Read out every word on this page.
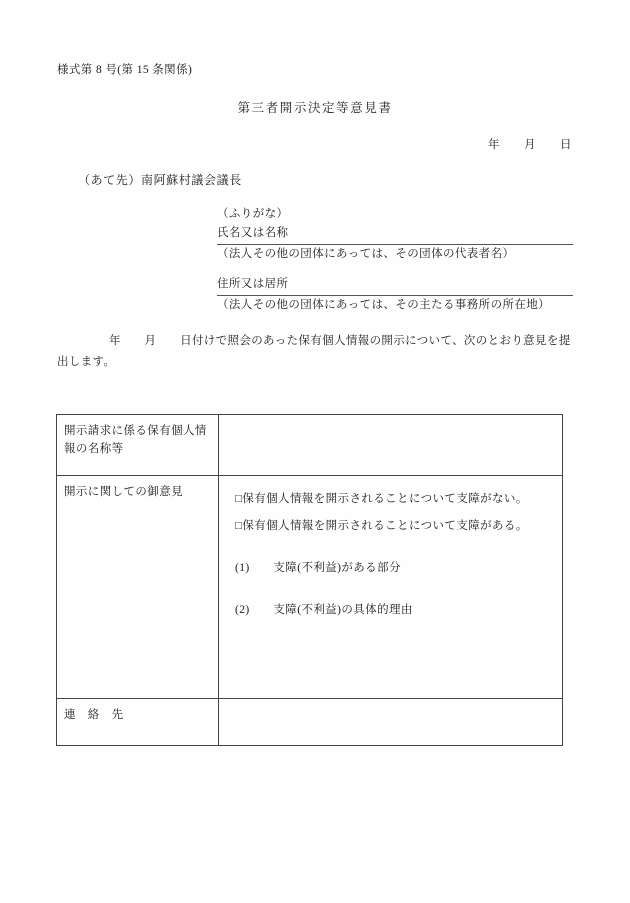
様式第 8 号(第 15 条関係)
第三者開示決定等意見書
年　　月　　日
（あて先）南阿蘇村議会議長
（ふりがな）
氏名又は名称
（法人その他の団体にあっては、その団体の代表者名）
住所又は居所
（法人その他の団体にあっては、その主たる事務所の所在地）
年　　月　　日付けで照会のあった保有個人情報の開示について、次のとおり意見を提出します。
開示請求に係る保有個人情報の名称等	
開示に関しての御意見	□保有個人情報を開示されることについて支障がない。
□保有個人情報を開示されることについて支障がある。
(1)　　支障(不利益)がある部分
(2)　　支障(不利益)の具体的理由

連　絡　先	
